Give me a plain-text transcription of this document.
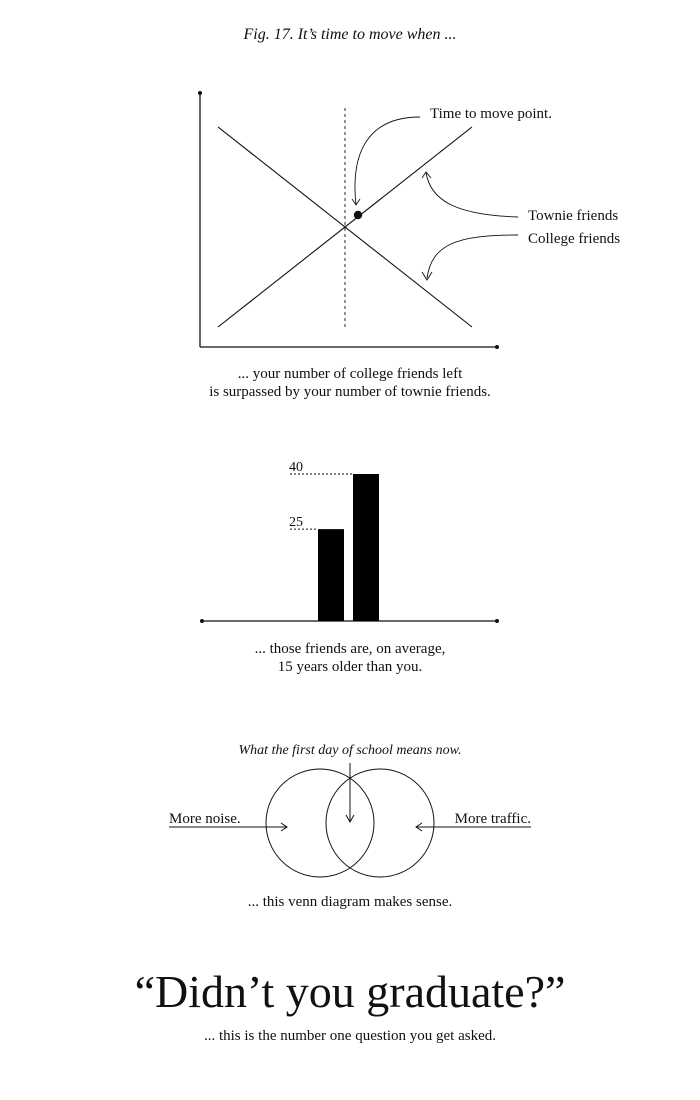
Fig. 17. It’s time to move when ...
Time to move point.
Townie friends
College friends
25
40
What the first day of school means now.
More noise.	More traffic.
... your number of college friends left
is surpassed by your number of townie friends.
... those friends are, on average,
15 years older than you.
... this venn diagram makes sense.
“Didn’t you graduate?”
... this is the number one question you get asked.
